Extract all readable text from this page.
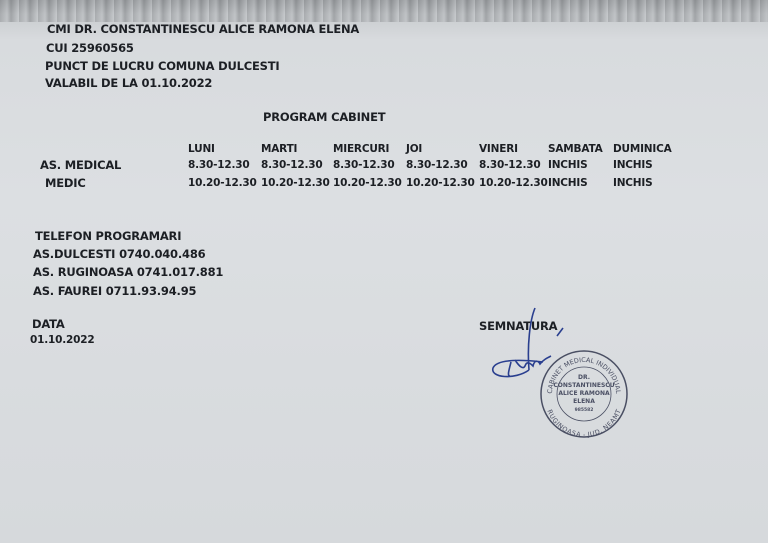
CMI DR. CONSTANTINESCU ALICE RAMONA ELENA
CUI 25960565
PUNCT DE LUCRU COMUNA DULCESTI
VALABIL DE LA 01.10.2022
PROGRAM CABINET
LUNI	MARTI	MIERCURI JOI	VINERI	SAMBATA DUMINICA
AS. MEDICAL	8.30-12.30 8.30-12.30 8.30-12.30 8.30-12.30 8.30-12.30 INCHIS INCHIS
MEDIC	10.20-12.30 10.20-12.30 10.20-12.30 10.20-12.30 10.20-12.30 INCHIS INCHIS
TELEFON PROGRAMARI
AS.DULCESTI 0740.040.486
AS. RUGINOASA 0741.017.881
AS. FAUREI 0711.93.94.95
DATA
01.10.2022
SEMNATURA
CABINET MEDICAL INDIVIDUAL
RUGINOASA - JUD. NEAMT
DR.
CONSTANTINESCU
ALICE RAMONA
ELENA
985582
